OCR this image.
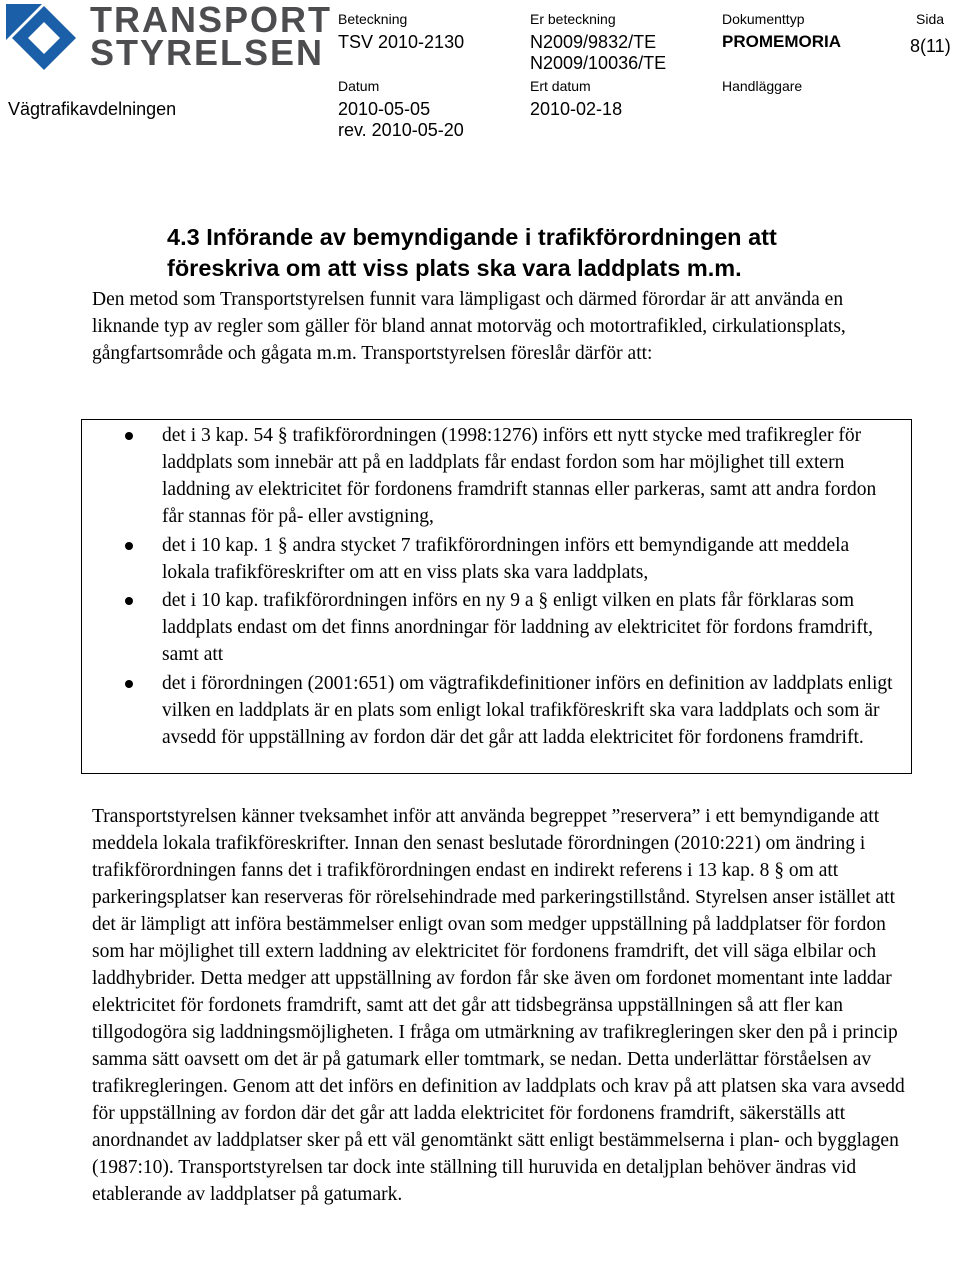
TRANSPORT
STYRELSEN
Vägtrafikavdelningen
Beteckning
TSV 2010-2130
Er beteckning
N2009/9832/TE
N2009/10036/TE
Dokumenttyp
PROMEMORIA
Sida
8(11)
Datum
2010-05-05
rev. 2010-05-20
Ert datum
2010-02-18
Handläggare
4.3 Införande av bemyndigande i trafikförordningen att
föreskriva om att viss plats ska vara laddplats m.m.
Den metod som Transportstyrelsen funnit vara lämpligast och därmed förordar är att använda en liknande typ av regler som gäller för bland annat motorväg och motortrafikled, cirkulationsplats, gångfartsområde och gågata m.m. Transportstyrelsen föreslår därför att:
det i 3 kap. 54 § trafikförordningen (1998:1276) införs ett nytt stycke med trafikregler för laddplats som innebär att på en laddplats får endast fordon som har möjlighet till extern laddning av elektricitet för fordonens framdrift stannas eller parkeras, samt att andra fordon får stannas för på- eller avstigning,
det i 10 kap. 1 § andra stycket 7 trafikförordningen införs ett bemyndigande att meddela lokala trafikföreskrifter om att en viss plats ska vara laddplats,
det i 10 kap. trafikförordningen införs en ny 9 a § enligt vilken en plats får förklaras som laddplats endast om det finns anordningar för laddning av elektricitet för fordons framdrift, samt att
det i förordningen (2001:651) om vägtrafikdefinitioner införs en definition av laddplats enligt vilken en laddplats är en plats som enligt lokal trafikföreskrift ska vara laddplats och som är avsedd för uppställning av fordon där det går att ladda elektricitet för fordonens framdrift.
Transportstyrelsen känner tveksamhet inför att använda begreppet ”reservera” i ett bemyndigande att meddela lokala trafikföreskrifter. Innan den senast beslutade förordningen (2010:221) om ändring i trafikförordningen fanns det i trafikförordningen endast en indirekt referens i 13 kap. 8 § om att parkeringsplatser kan reserveras för rörelsehindrade med parkeringstillstånd. Styrelsen anser istället att det är lämpligt att införa bestämmelser enligt ovan som medger uppställning på laddplatser för fordon som har möjlighet till extern laddning av elektricitet för fordonens framdrift, det vill säga elbilar och laddhybrider. Detta medger att uppställning av fordon får ske även om fordonet momentant inte laddar elektricitet för fordonets framdrift, samt att det går att tidsbegränsa uppställningen så att fler kan tillgodogöra sig laddningsmöjligheten. I fråga om utmärkning av trafikregleringen sker den på i princip samma sätt oavsett om det är på gatumark eller tomtmark, se nedan. Detta underlättar förståelsen av trafikregleringen. Genom att det införs en definition av laddplats och krav på att platsen ska vara avsedd för uppställning av fordon där det går att ladda elektricitet för fordonens framdrift, säkerställs att anordnandet av laddplatser sker på ett väl genomtänkt sätt enligt bestämmelserna i plan- och bygglagen (1987:10). Transportstyrelsen tar dock inte ställning till huruvida en detaljplan behöver ändras vid etablerande av laddplatser på gatumark.
